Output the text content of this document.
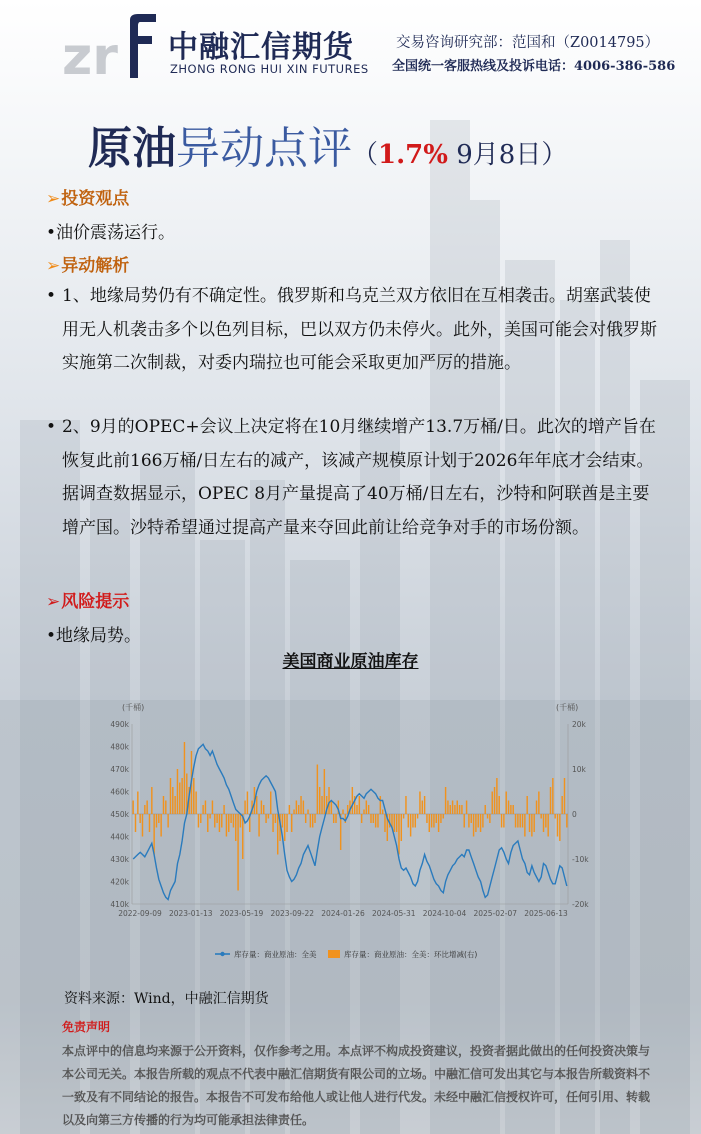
zr 中融汇信期货
ZHONG RONG HUI XIN FUTURES
交易咨询研究部：范国和（Z0014795）
全国统一客服热线及投诉电话：4006-386-586
原油异动点评（1.7% 9月8日）
➢投资观点
•油价震荡运行。
➢异动解析
• 1、地缘局势仍有不确定性。俄罗斯和乌克兰双方依旧在互相袭击。胡塞武装使用无人机袭击多个以色列目标，巴以双方仍未停火。此外，美国可能会对俄罗斯实施第二次制裁，对委内瑞拉也可能会采取更加严厉的措施。
• 2、9月的OPEC+会议上决定将在10月继续增产13.7万桶/日。此次的增产旨在恢复此前166万桶/日左右的减产，该减产规模原计划于2026年年底才会结束。据调查数据显示，OPEC 8月产量提高了40万桶/日左右，沙特和阿联酋是主要增产国。沙特希望通过提高产量来夺回此前让给竞争对手的市场份额。
➢风险提示
•地缘局势。
美国商业原油库存
(千桶)	(千桶)
490k
480k
470k
460k
450k
440k
430k
420k
410k
20k
10k
0
-10k
-20k
2022-09-09 2023-01-13 2023-05-19 2023-09-22 2024-01-26 2024-05-31 2024-10-04 2025-02-07 2025-06-13
库存量：商业原油：全美	库存量：商业原油：全美：环比增减(右)
资料来源：Wind，中融汇信期货
免责声明
本点评中的信息均来源于公开资料，仅作参考之用。本点评不构成投资建议，投资者据此做出的任何投资决策与本公司无关。本报告所载的观点不代表中融汇信期货有限公司的立场。中融汇信可发出其它与本报告所载资料不一致及有不同结论的报告。本报告不可发布给他人或让他人进行代发。未经中融汇信授权许可，任何引用、转载以及向第三方传播的行为均可能承担法律责任。
